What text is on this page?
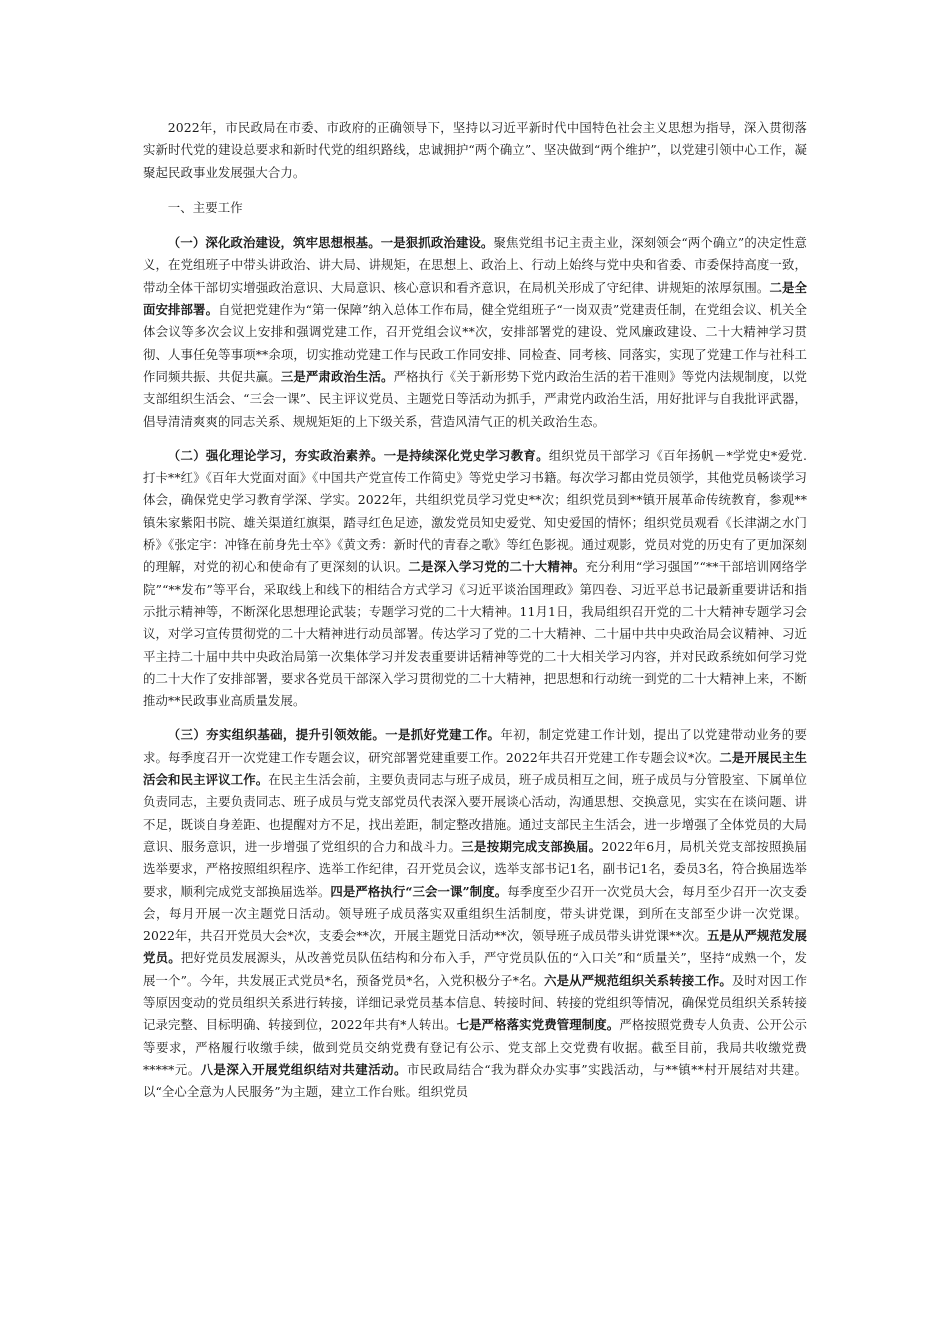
2022年，市民政局在市委、市政府的正确领导下，坚持以习近平新时代中国特色社会主义思想为指导，深入贯彻落实新时代党的建设总要求和新时代党的组织路线，忠诚拥护“两个确立”、坚决做到“两个维护”，以党建引领中心工作，凝聚起民政事业发展强大合力。

一、主要工作

（一）深化政治建设，筑牢思想根基。一是狠抓政治建设。聚焦党组书记主责主业，深刻领会“两个确立”的决定性意义，在党组班子中带头讲政治、讲大局、讲规矩，在思想上、政治上、行动上始终与党中央和省委、市委保持高度一致，带动全体干部切实增强政治意识、大局意识、核心意识和看齐意识，在局机关形成了守纪律、讲规矩的浓厚氛围。二是全面安排部署。自觉把党建作为“第一保障”纳入总体工作布局，健全党组班子“一岗双责”党建责任制，在党组会议、机关全体会议等多次会议上安排和强调党建工作，召开党组会议**次，安排部署党的建设、党风廉政建设、二十大精神学习贯彻、人事任免等事项**余项，切实推动党建工作与民政工作同安排、同检查、同考核、同落实，实现了党建工作与社科工作同频共振、共促共赢。三是严肃政治生活。严格执行《关于新形势下党内政治生活的若干准则》等党内法规制度，以党支部组织生活会、“三会一课”、民主评议党员、主题党日等活动为抓手，严肃党内政治生活，用好批评与自我批评武器，倡导清清爽爽的同志关系、规规矩矩的上下级关系，营造风清气正的机关政治生态。

（二）强化理论学习，夯实政治素养。一是持续深化党史学习教育。组织党员干部学习《百年扬帆－*学党史*爱党.打卡**红》《百年大党面对面》《中国共产党宣传工作简史》等党史学习书籍。每次学习都由党员领学，其他党员畅谈学习体会，确保党史学习教育学深、学实。2022年，共组织党员学习党史**次；组织党员到**镇开展革命传统教育，参观**镇朱家紫阳书院、雄关渠道红旗渠，踏寻红色足迹，激发党员知史爱党、知史爱国的情怀；组织党员观看《长津湖之水门桥》《张定宇：冲锋在前身先士卒》《黄文秀：新时代的青春之歌》等红色影视。通过观影，党员对党的历史有了更加深刻的理解，对党的初心和使命有了更深刻的认识。二是深入学习党的二十大精神。充分利用“学习强国”“**干部培训网络学院”“**发布”等平台，采取线上和线下的相结合方式学习《习近平谈治国理政》第四卷、习近平总书记最新重要讲话和指示批示精神等，不断深化思想理论武装；专题学习党的二十大精神。11月1日，我局组织召开党的二十大精神专题学习会议，对学习宣传贯彻党的二十大精神进行动员部署。传达学习了党的二十大精神、二十届中共中央政治局会议精神、习近平主持二十届中共中央政治局第一次集体学习并发表重要讲话精神等党的二十大相关学习内容，并对民政系统如何学习党的二十大作了安排部署，要求各党员干部深入学习贯彻党的二十大精神，把思想和行动统一到党的二十大精神上来，不断推动**民政事业高质量发展。

（三）夯实组织基础，提升引领效能。一是抓好党建工作。年初，制定党建工作计划，提出了以党建带动业务的要求。每季度召开一次党建工作专题会议，研究部署党建重要工作。2022年共召开党建工作专题会议*次。二是开展民主生活会和民主评议工作。在民主生活会前，主要负责同志与班子成员，班子成员相互之间，班子成员与分管股室、下属单位负责同志，主要负责同志、班子成员与党支部党员代表深入要开展谈心活动，沟通思想、交换意见，实实在在谈问题、讲不足，既谈自身差距、也提醒对方不足，找出差距，制定整改措施。通过支部民主生活会，进一步增强了全体党员的大局意识、服务意识，进一步增强了党组织的合力和战斗力。三是按期完成支部换届。2022年6月，局机关党支部按照换届选举要求，严格按照组织程序、选举工作纪律，召开党员会议，选举支部书记1名，副书记1名，委员3名，符合换届选举要求，顺利完成党支部换届选举。四是严格执行“三会一课”制度。每季度至少召开一次党员大会，每月至少召开一次支委会，每月开展一次主题党日活动。领导班子成员落实双重组织生活制度，带头讲党课，到所在支部至少讲一次党课。2022年，共召开党员大会*次，支委会**次，开展主题党日活动**次，领导班子成员带头讲党课**次。五是从严规范发展党员。把好党员发展源头，从改善党员队伍结构和分布入手，严守党员队伍的“入口关”和“质量关”，坚持“成熟一个，发展一个”。今年，共发展正式党员*名，预备党员*名，入党积极分子*名。六是从严规范组织关系转接工作。及时对因工作等原因变动的党员组织关系进行转接，详细记录党员基本信息、转接时间、转接的党组织等情况，确保党员组织关系转接记录完整、目标明确、转接到位，2022年共有*人转出。七是严格落实党费管理制度。严格按照党费专人负责、公开公示等要求，严格履行收缴手续，做到党员交纳党费有登记有公示、党支部上交党费有收据。截至目前，我局共收缴党费*****元。八是深入开展党组织结对共建活动。市民政局结合“我为群众办实事”实践活动，与**镇**村开展结对共建。以“全心全意为人民服务”为主题，建立工作台账。组织党员
